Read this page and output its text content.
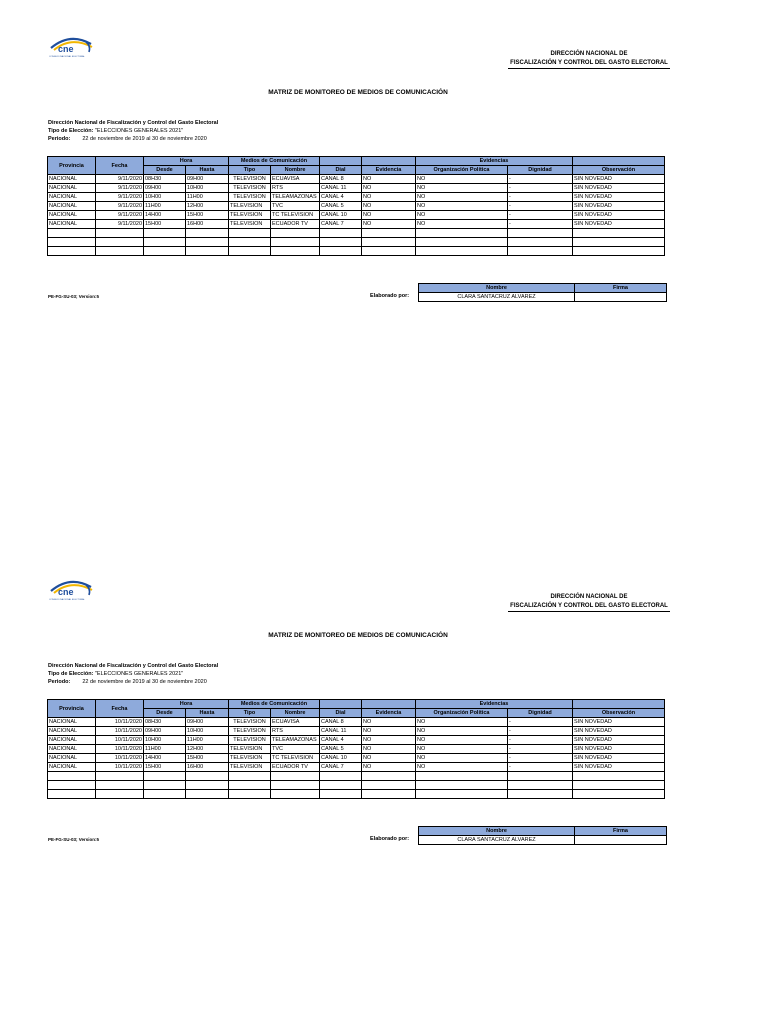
cne
CONSEJO NACIONAL ELECTORAL	DIRECCIÓN NACIONAL DE
FISCALIZACIÓN Y CONTROL DEL GASTO ELECTORAL
MATRIZ DE MONITOREO DE MEDIOS DE COMUNICACIÓN
Dirección Nacional de Fiscalización y Control del Gasto Electoral
Tipo de Elección: "ELECCIONES GENERALES 2021"
Periodo: 22 de noviembre de 2019 al 30 de noviembre 2020
Provincia	Fecha	Hora		Medios de Comunicación				Evidencias		
		Desde	Hasta	Tipo	Nombre	Dial	Evidencia	Organización Política	Dignidad	Observación
NACIONAL	9/11/2020	08H30	09H00	TELEVISION	ECUAVISA	CANAL 8	NO	NO	-	SIN NOVEDAD
NACIONAL	9/11/2020	09H00	10H00	TELEVISION	RTS	CANAL 11	NO	NO	-	SIN NOVEDAD
NACIONAL	9/11/2020	10H00	11H00	TELEVISION	TELEAMAZONAS	CANAL 4	NO	NO	-	SIN NOVEDAD
NACIONAL	9/11/2020	11H00	12H00	TELEVISION	TVC	CANAL 5	NO	NO	-	SIN NOVEDAD
NACIONAL	9/11/2020	14H00	15H00	TELEVISION	TC TELEVISION	CANAL 10	NO	NO	-	SIN NOVEDAD
NACIONAL	9/11/2020	15H00	16H00	TELEVISION	ECUADOR TV	CANAL 7	NO	NO	-	SIN NOVEDAD

PE-FG-SU-03; Version:5	Elaborado por:
Nombre	Firma
CLARA SANTACRUZ ALVAREZ	
cne
CONSEJO NACIONAL ELECTORAL	DIRECCIÓN NACIONAL DE
FISCALIZACIÓN Y CONTROL DEL GASTO ELECTORAL
MATRIZ DE MONITOREO DE MEDIOS DE COMUNICACIÓN
Dirección Nacional de Fiscalización y Control del Gasto Electoral
Tipo de Elección: "ELECCIONES GENERALES 2021"
Periodo: 22 de noviembre de 2019 al 30 de noviembre 2020
Provincia	Fecha	Hora		Medios de Comunicación				Evidencias		
		Desde	Hasta	Tipo	Nombre	Dial	Evidencia	Organización Política	Dignidad	Observación
NACIONAL	10/11/2020	08H30	09H00	TELEVISION	ECUAVISA	CANAL 8	NO	NO	-	SIN NOVEDAD
NACIONAL	10/11/2020	09H00	10H00	TELEVISION	RTS	CANAL 11	NO	NO	-	SIN NOVEDAD
NACIONAL	10/11/2020	10H00	11H00	TELEVISION	TELEAMAZONAS	CANAL 4	NO	NO	-	SIN NOVEDAD
NACIONAL	10/11/2020	11H00	12H00	TELEVISION	TVC	CANAL 5	NO	NO	-	SIN NOVEDAD
NACIONAL	10/11/2020	14H00	15H00	TELEVISION	TC TELEVISION	CANAL 10	NO	NO	-	SIN NOVEDAD
NACIONAL	10/11/2020	15H00	16H00	TELEVISION	ECUADOR TV	CANAL 7	NO	NO	-	SIN NOVEDAD

PE-FG-SU-03; Version:5	Elaborado por:
Nombre	Firma
CLARA SANTACRUZ ALVAREZ	
